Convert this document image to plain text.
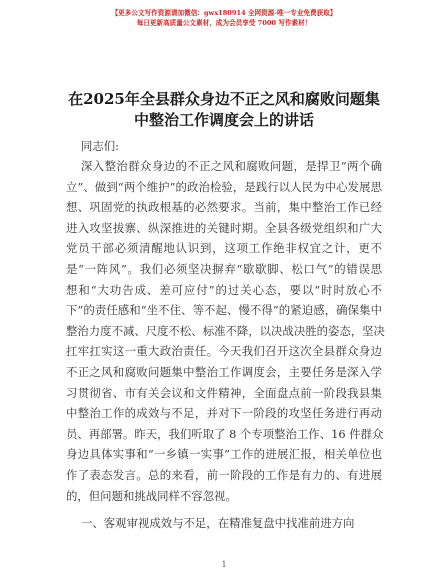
【更多公文写作资源请加微信：gwx180914 全网资源-唯一专业免费获取】
每日更新高质量公文素材，成为会员享受 7000 写作素材！
在2025年全县群众身边不正之风和腐败问题集
中整治工作调度会上的讲话
同志们:
深入整治群众身边的不正之风和腐败问题，是捍卫“两个确
立”、做到“两个维护”的政治检验，是践行以人民为中心发展思
想、巩固党的执政根基的必然要求。当前，集中整治工作已经
进入攻坚拔寨、纵深推进的关键时期。全县各级党组织和广大
党员干部必须清醒地认识到，这项工作绝非权宜之计，更不
是“一阵风”。我们必须坚决摒弃“歇歇脚、松口气”的错误思
想和“大功告成、差可应付”的过关心态，要以“时时放心不
下”的责任感和“坐不住、等不起、慢不得”的紧迫感，确保集中
整治力度不减、尺度不松、标准不降，以决战决胜的姿态，坚决
扛牢扛实这一重大政治责任。今天我们召开这次全县群众身边
不正之风和腐败问题集中整治工作调度会，主要任务是深入学
习贯彻省、市有关会议和文件精神，全面盘点前一阶段我县集
中整治工作的成效与不足，并对下一阶段的攻坚任务进行再动
员、再部署。昨天，我们听取了 8 个专项整治工作、16 件群众
身边具体实事和“一乡镇一实事”工作的进展汇报，相关单位也
作了表态发言。总的来看，前一阶段的工作是有力的、有进展
的，但问题和挑战同样不容忽视。
一、客观审视成效与不足，在精准复盘中找准前进方向
1
